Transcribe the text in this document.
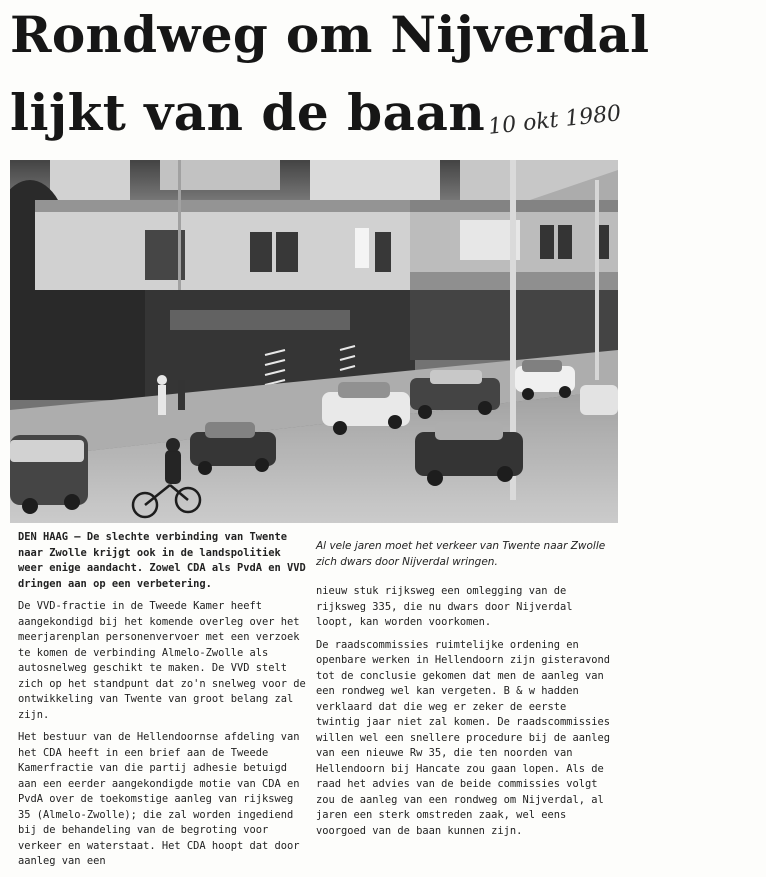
Rondweg om Nijverdal
lijkt van de baan 10 okt 1980

Al vele jaren moet het verkeer van Twente naar Zwolle zich dwars door Nijverdal wringen.

DEN HAAG – De slechte verbinding van Twente naar Zwolle krijgt ook in de landspolitiek weer enige aandacht. Zowel CDA als PvdA en VVD dringen aan op een verbetering.

De VVD-fractie in de Tweede Kamer heeft aangekondigd bij het komende overleg over het meerjarenplan personenvervoer met een verzoek te komen de verbinding Almelo-Zwolle als autosnelweg geschikt te maken. De VVD stelt zich op het standpunt dat zo'n snelweg voor de ontwikkeling van Twente van groot belang zal zijn.

Het bestuur van de Hellendoornse afdeling van het CDA heeft in een brief aan de Tweede Kamerfractie van die partij adhesie betuigd aan een eerder aangekondigde motie van CDA en PvdA over de toekomstige aanleg van rijksweg 35 (Almelo-Zwolle); die zal worden ingediend bij de behandeling van de begroting voor verkeer en waterstaat. Het CDA hoopt dat door aanleg van een

nieuw stuk rijksweg een omlegging van de rijksweg 335, die nu dwars door Nijverdal loopt, kan worden voorkomen.

De raadscommissies ruimtelijke ordening en openbare werken in Hellendoorn zijn gisteravond tot de conclusie gekomen dat men de aanleg van een rondweg wel kan vergeten. B & w hadden verklaard dat die weg er zeker de eerste twintig jaar niet zal komen. De raadscommissies willen wel een snellere procedure bij de aanleg van een nieuwe Rw 35, die ten noorden van Hellendoorn bij Hancate zou gaan lopen. Als de raad het advies van de beide commissies volgt zou de aanleg van een rondweg om Nijverdal, al jaren een sterk omstreden zaak, wel eens voorgoed van de baan kunnen zijn.
